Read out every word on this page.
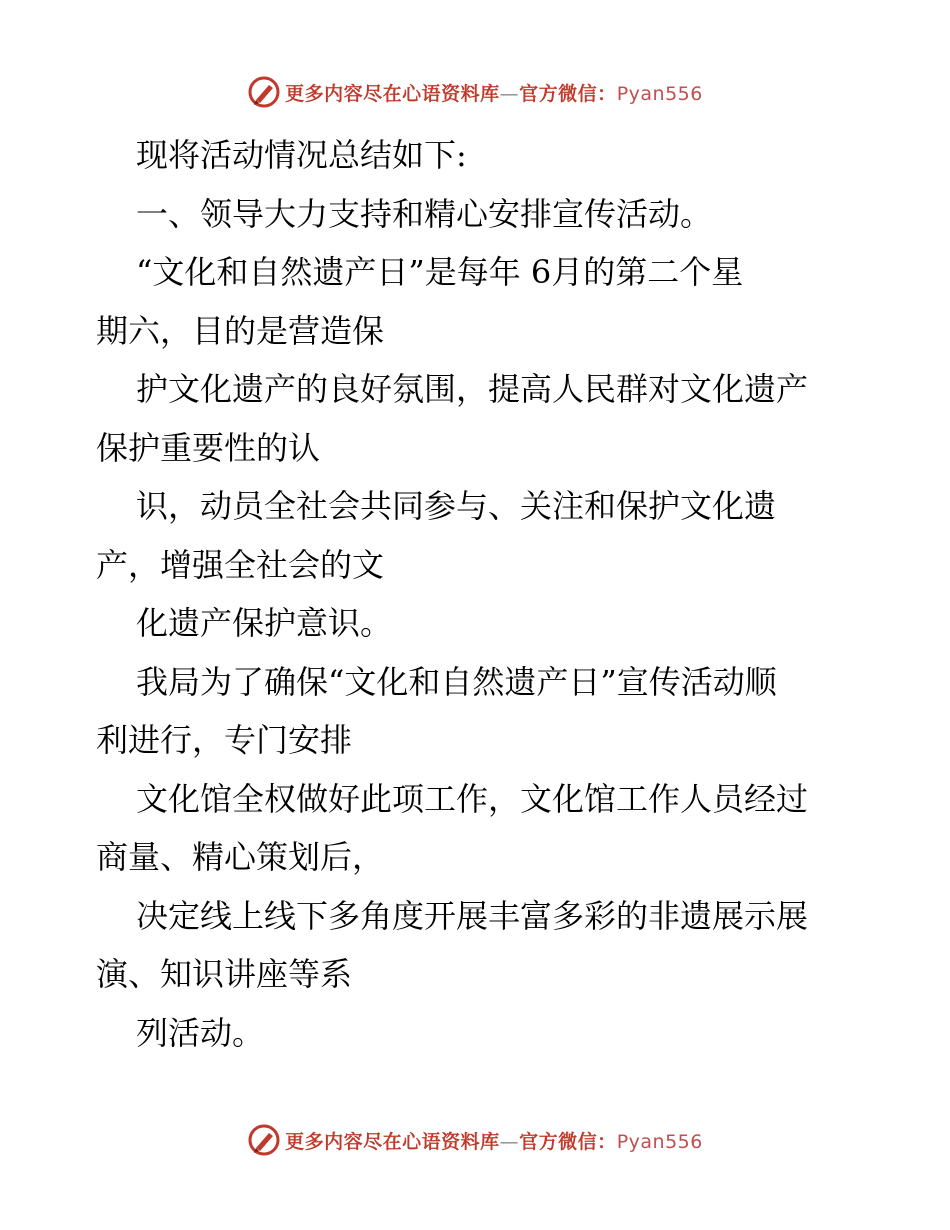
更多内容尽在心语资料库—官方微信：Pyan556
现将活动情况总结如下:
一、领导大力支持和精心安排宣传活动。
“文化和自然遗产日”是每年 6月的第二个星
期六，目的是营造保
护文化遗产的良好氛围，提高人民群对文化遗产
保护重要性的认
识，动员全社会共同参与、关注和保护文化遗
产，增强全社会的文
化遗产保护意识。
我局为了确保“文化和自然遗产日”宣传活动顺
利进行，专门安排
文化馆全权做好此项工作，文化馆工作人员经过
商量、精心策划后，
决定线上线下多角度开展丰富多彩的非遗展示展
演、知识讲座等系
列活动。
更多内容尽在心语资料库—官方微信：Pyan556
